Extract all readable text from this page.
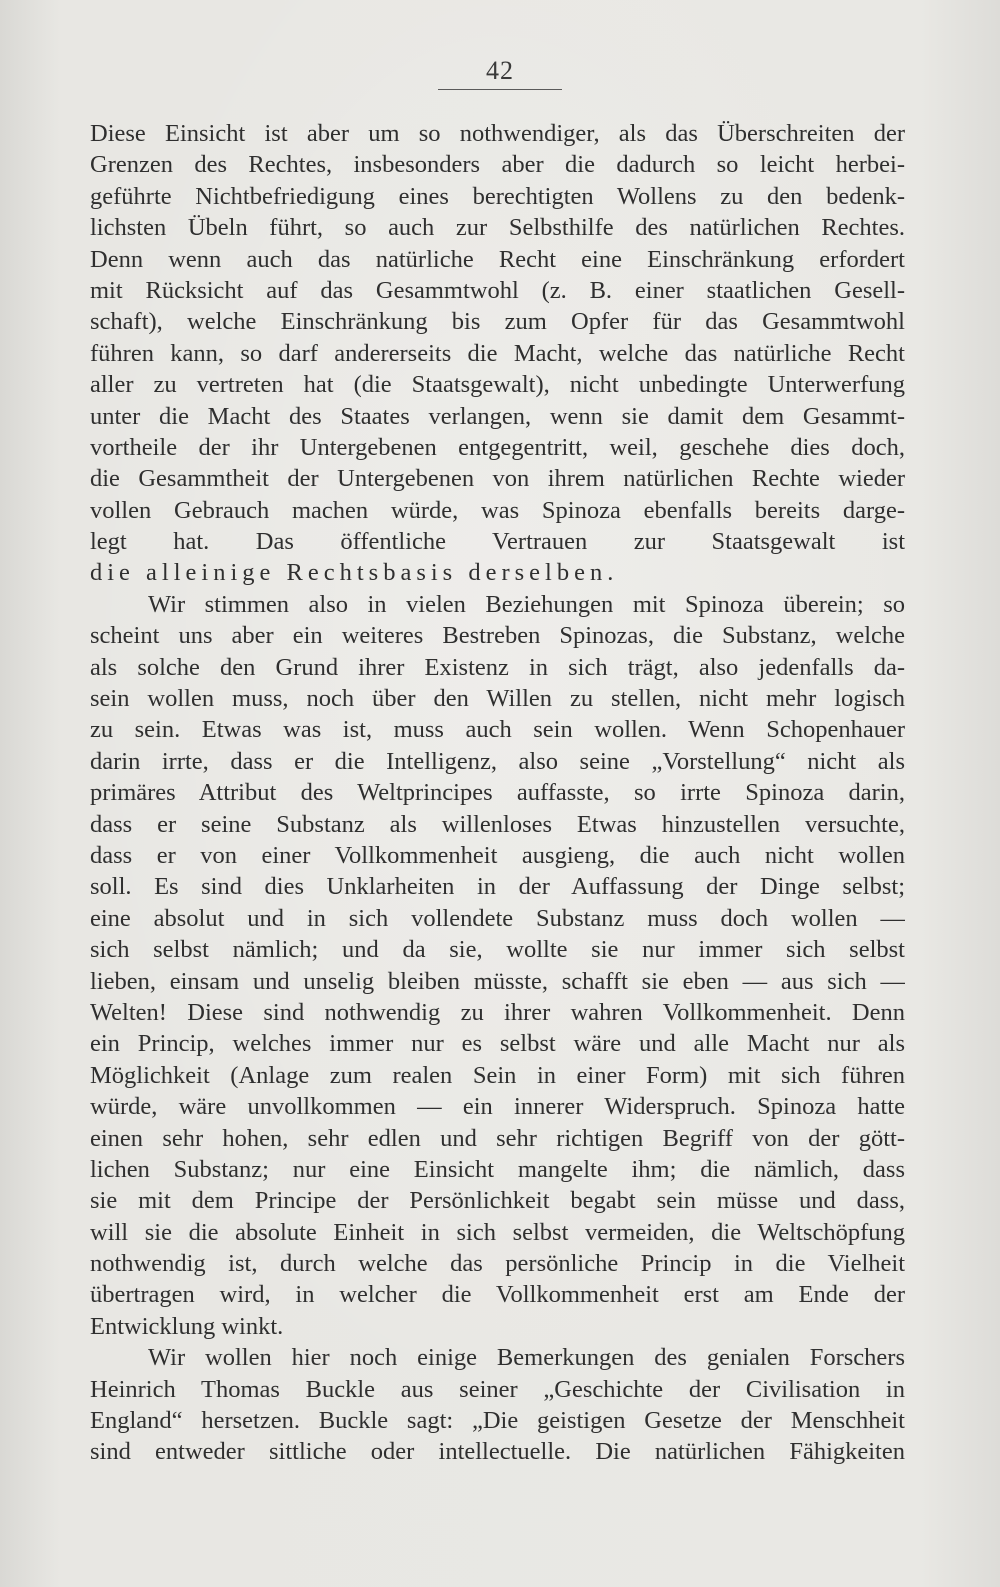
42
Diese Einsicht ist aber um so nothwendiger, als das Überschreiten der
Grenzen des Rechtes, insbesonders aber die dadurch so leicht herbei-
geführte Nichtbefriedigung eines berechtigten Wollens zu den bedenk-
lichsten Übeln führt, so auch zur Selbsthilfe des natürlichen Rechtes.
Denn wenn auch das natürliche Recht eine Einschränkung erfordert
mit Rücksicht auf das Gesammtwohl (z. B. einer staatlichen Gesell-
schaft), welche Einschränkung bis zum Opfer für das Gesammtwohl
führen kann, so darf andererseits die Macht, welche das natürliche Recht
aller zu vertreten hat (die Staatsgewalt), nicht unbedingte Unterwerfung
unter die Macht des Staates verlangen, wenn sie damit dem Gesammt-
vortheile der ihr Untergebenen entgegentritt, weil, geschehe dies doch,
die Gesammtheit der Untergebenen von ihrem natürlichen Rechte wieder
vollen Gebrauch machen würde, was Spinoza ebenfalls bereits darge-
legt hat. Das öffentliche Vertrauen zur Staatsgewalt ist
die alleinige Rechtsbasis derselben.
Wir stimmen also in vielen Beziehungen mit Spinoza überein; so
scheint uns aber ein weiteres Bestreben Spinozas, die Substanz, welche
als solche den Grund ihrer Existenz in sich trägt, also jedenfalls da-
sein wollen muss, noch über den Willen zu stellen, nicht mehr logisch
zu sein. Etwas was ist, muss auch sein wollen. Wenn Schopenhauer
darin irrte, dass er die Intelligenz, also seine „Vorstellung“ nicht als
primäres Attribut des Weltprincipes auffasste, so irrte Spinoza darin,
dass er seine Substanz als willenloses Etwas hinzustellen versuchte,
dass er von einer Vollkommenheit ausgieng, die auch nicht wollen
soll. Es sind dies Unklarheiten in der Auffassung der Dinge selbst;
eine absolut und in sich vollendete Substanz muss doch wollen —
sich selbst nämlich; und da sie, wollte sie nur immer sich selbst
lieben, einsam und unselig bleiben müsste, schafft sie eben — aus sich —
Welten! Diese sind nothwendig zu ihrer wahren Vollkommenheit. Denn
ein Princip, welches immer nur es selbst wäre und alle Macht nur als
Möglichkeit (Anlage zum realen Sein in einer Form) mit sich führen
würde, wäre unvollkommen — ein innerer Widerspruch. Spinoza hatte
einen sehr hohen, sehr edlen und sehr richtigen Begriff von der gött-
lichen Substanz; nur eine Einsicht mangelte ihm; die nämlich, dass
sie mit dem Principe der Persönlichkeit begabt sein müsse und dass,
will sie die absolute Einheit in sich selbst vermeiden, die Weltschöpfung
nothwendig ist, durch welche das persönliche Princip in die Vielheit
übertragen wird, in welcher die Vollkommenheit erst am Ende der
Entwicklung winkt.
Wir wollen hier noch einige Bemerkungen des genialen Forschers
Heinrich Thomas Buckle aus seiner „Geschichte der Civilisation in
England“ hersetzen. Buckle sagt: „Die geistigen Gesetze der Menschheit
sind entweder sittliche oder intellectuelle. Die natürlichen Fähigkeiten
